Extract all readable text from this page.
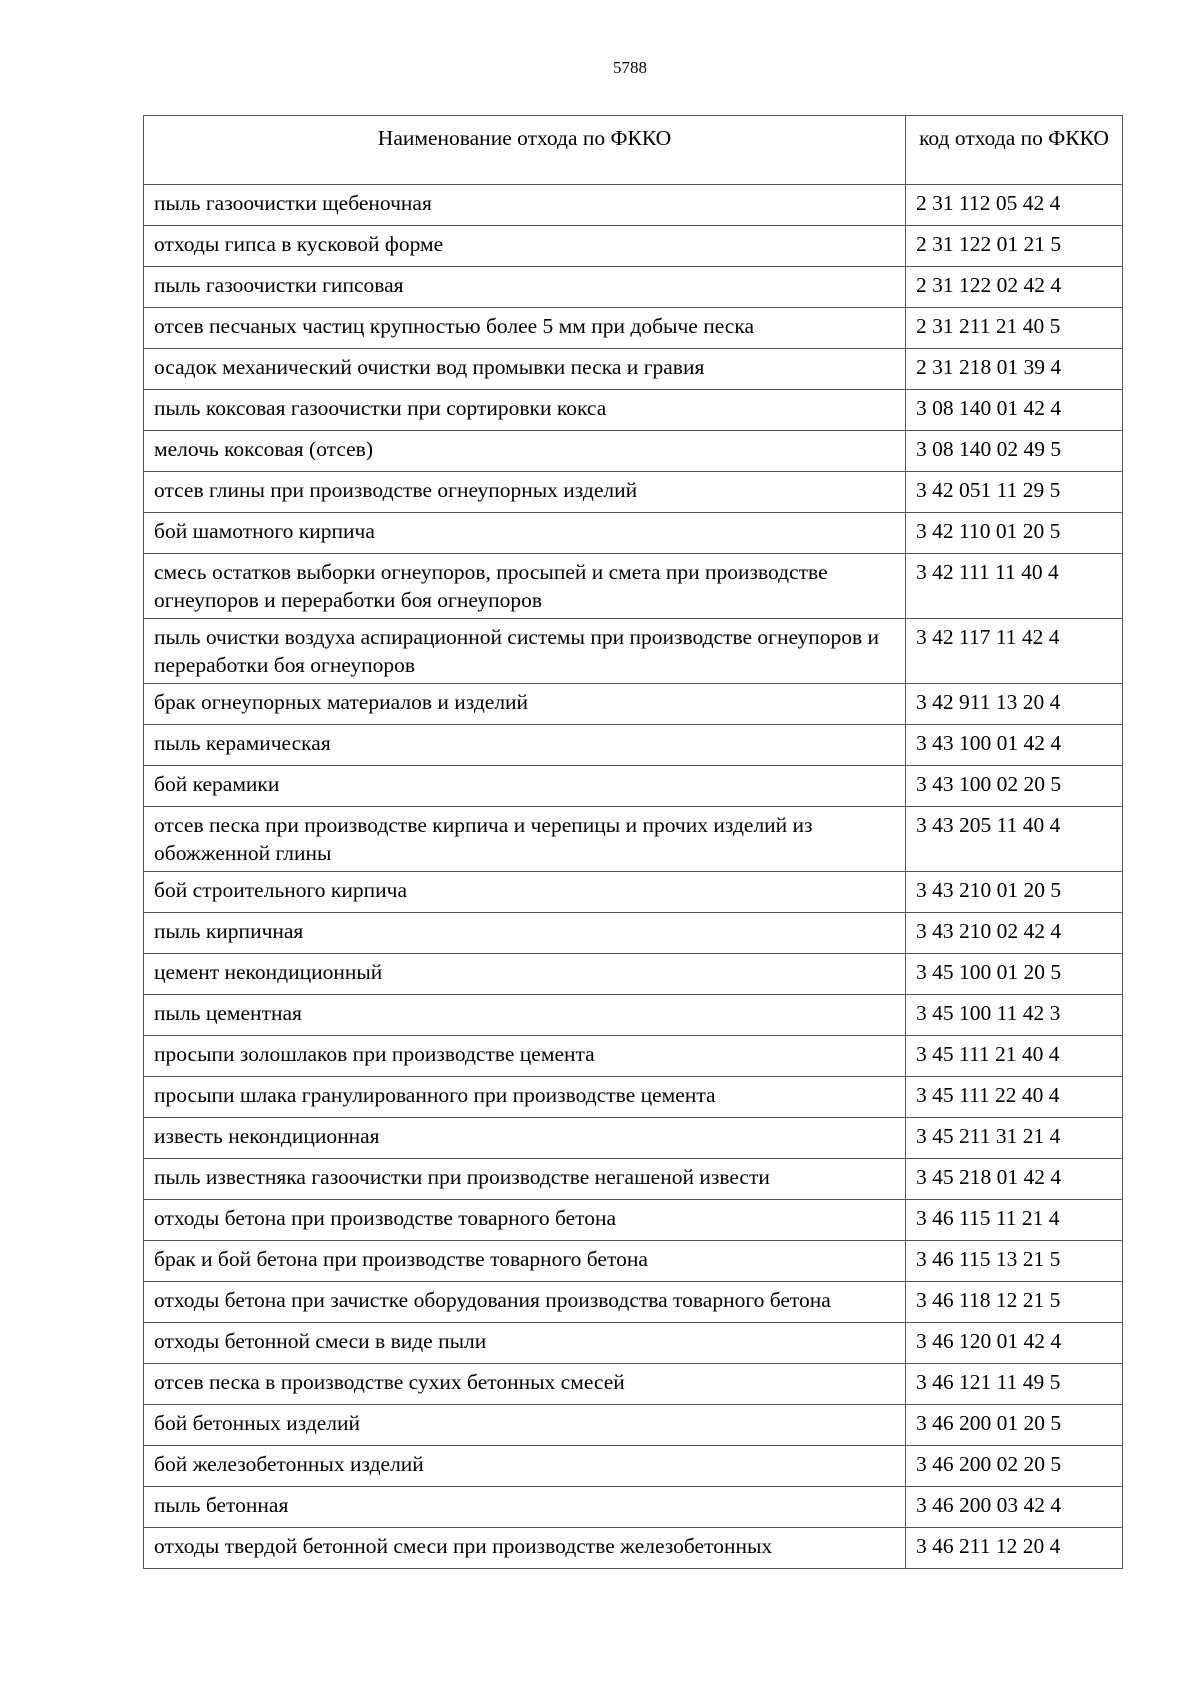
5788
Наименование отхода по ФККО	код отхода по ФККО
пыль газоочистки щебеночная	2 31 112 05 42 4
отходы гипса в кусковой форме	2 31 122 01 21 5
пыль газоочистки гипсовая	2 31 122 02 42 4
отсев песчаных частиц крупностью более 5 мм при добыче песка	2 31 211 21 40 5
осадок механический очистки вод промывки песка и гравия	2 31 218 01 39 4
пыль коксовая газоочистки при сортировки кокса	3 08 140 01 42 4
мелочь коксовая (отсев)	3 08 140 02 49 5
отсев глины при производстве огнеупорных изделий	3 42 051 11 29 5
бой шамотного кирпича	3 42 110 01 20 5
смесь остатков выборки огнеупоров, просыпей и смета при производстве огнеупоров и переработки боя огнеупоров	3 42 111 11 40 4
пыль очистки воздуха аспирационной системы при производстве огнеупоров и переработки боя огнеупоров	3 42 117 11 42 4
брак огнеупорных материалов и изделий	3 42 911 13 20 4
пыль керамическая	3 43 100 01 42 4
бой керамики	3 43 100 02 20 5
отсев песка при производстве кирпича и черепицы и прочих изделий из обожженной глины	3 43 205 11 40 4
бой строительного кирпича	3 43 210 01 20 5
пыль кирпичная	3 43 210 02 42 4
цемент некондиционный	3 45 100 01 20 5
пыль цементная	3 45 100 11 42 3
просыпи золошлаков при производстве цемента	3 45 111 21 40 4
просыпи шлака гранулированного при производстве цемента	3 45 111 22 40 4
известь некондиционная	3 45 211 31 21 4
пыль известняка газоочистки при производстве негашеной извести	3 45 218 01 42 4
отходы бетона при производстве товарного бетона	3 46 115 11 21 4
брак и бой бетона при производстве товарного бетона	3 46 115 13 21 5
отходы бетона при зачистке оборудования производства товарного бетона	3 46 118 12 21 5
отходы бетонной смеси в виде пыли	3 46 120 01 42 4
отсев песка в производстве сухих бетонных смесей	3 46 121 11 49 5
бой бетонных изделий	3 46 200 01 20 5
бой железобетонных изделий	3 46 200 02 20 5
пыль бетонная	3 46 200 03 42 4
отходы твердой бетонной смеси при производстве железобетонных	3 46 211 12 20 4
